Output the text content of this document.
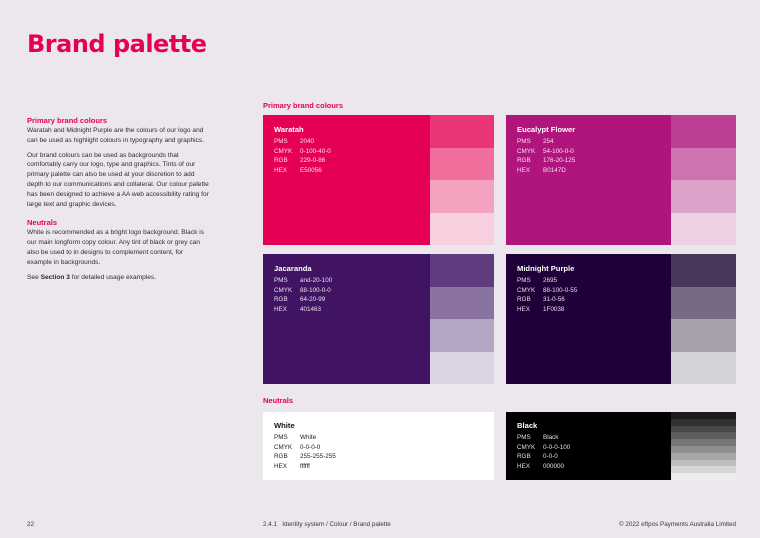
Brand palette
Primary brand colours

Waratah and Midnight Purple are the colours of our logo and can be used as highlight colours in typography and graphics.

Our brand colours can be used as backgrounds that comfortably carry our logo, type and graphics. Tints of our primary palette can also be used at your discretion to add depth to our communications and collateral. Our colour palette has been designed to achieve a AA web accessibility rating for large text and graphic devices.

Neutrals

White is recommended as a bright logo background. Black is our main longform copy colour. Any tint of black or grey can also be used to in designs to complement content, for example in backgrounds.

See Section 3 for detailed usage examples.

Primary brand colours
Neutrals
Waratah
PMS	2040
CMYK	0-100-40-0
RGB	229-0-86
HEX	E50056
Eucalypt Flower
PMS	254
CMYK	54-100-0-0
RGB	176-20-125
HEX	B0147D
Jacaranda
PMS	and-20-100
CMYK	88-100-0-0
RGB	64-20-99
HEX	401463
Midnight Purple
PMS	2695
CMYK	88-100-0-55
RGB	31-0-56
HEX	1F0038
White
PMS	White
CMYK	0-0-0-0
RGB	255-255-255
HEX	ffffff
Black
PMS	Black
CMYK	0-0-0-100
RGB	0-0-0
HEX	000000
22	2.4.1 Identity system / Colour / Brand palette	© 2022 eftpos Payments Australia Limited
